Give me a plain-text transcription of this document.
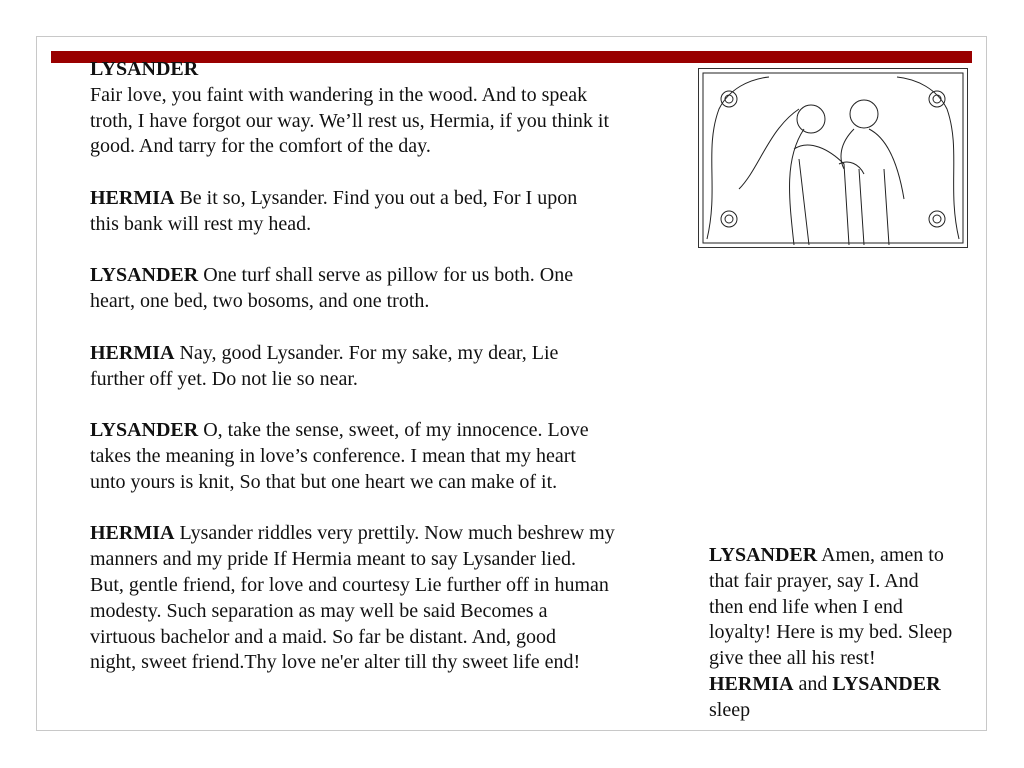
LYSANDER
Fair love, you faint with wandering in the wood. And to speak
troth, I have forgot our way. We’ll rest us, Hermia, if you think it
good. And tarry for the comfort of the day.
HERMIA Be it so, Lysander. Find you out a bed, For I upon
this bank will rest my head.
LYSANDER One turf shall serve as pillow for us both. One
heart, one bed, two bosoms, and one troth.
HERMIA Nay, good Lysander. For my sake, my dear, Lie
further off yet. Do not lie so near.
LYSANDER O, take the sense, sweet, of my innocence. Love
takes the meaning in love’s conference. I mean that my heart
unto yours is knit, So that but one heart we can make of it.
HERMIA Lysander riddles very prettily. Now much beshrew my
manners and my pride If Hermia meant to say Lysander lied.
But, gentle friend, for love and courtesy Lie further off in human
modesty. Such separation as may well be said Becomes a
virtuous bachelor and a maid. So far be distant. And, good
night, sweet friend.Thy love ne'er alter till thy sweet life end!
LYSANDER Amen, amen to
that fair prayer, say I. And
then end life when I end
loyalty! Here is my bed. Sleep
give thee all his rest!
HERMIA and LYSANDER
sleep
